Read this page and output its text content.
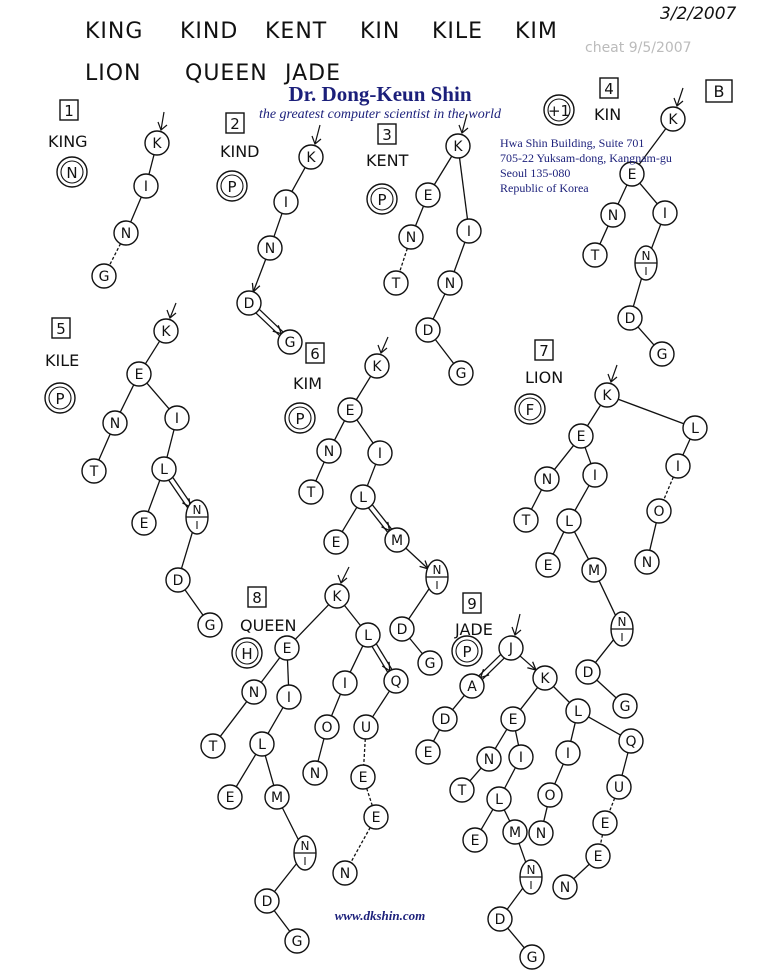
KING KIND KENT KIN KILE KIM
LION QUEEN JADE
1
KING
N
2
KIND
P
3
KENT
P
4
KIN
+1
B
5
KILE
P
6
KIM
P
7
LION
F
8
QUEEN
H
9
JADE
P
K
I
N
G
K
I
N
D
G
K
E
N
T
I
N
D
G
K
E
N
T
I
N
I
D
G
K
E
N
T
I
L
E
N
I
D
G
K
E
N
T
I
L
E	M
N
I
D
G
K
E
N
T
I
L
E	M
N
I
D
G
L
I
O
N
K
E
N
T
I
L
E	M
N
I
D
G
L
I
O
N
Q
U
E
E
N
J
A
D
E
K
E
N
T
I
L
E M
N
I
D
G
L
I
O
N
Q
U
E
E
N
3/2/2007
cheat 9/5/2007
Dr. Dong-Keun Shin
the greatest computer scientist in the world
Hwa Shin Building, Suite 701
705-22 Yuksam-dong, Kangnam-gu
Seoul 135-080
Republic of Korea
www.dkshin.com
